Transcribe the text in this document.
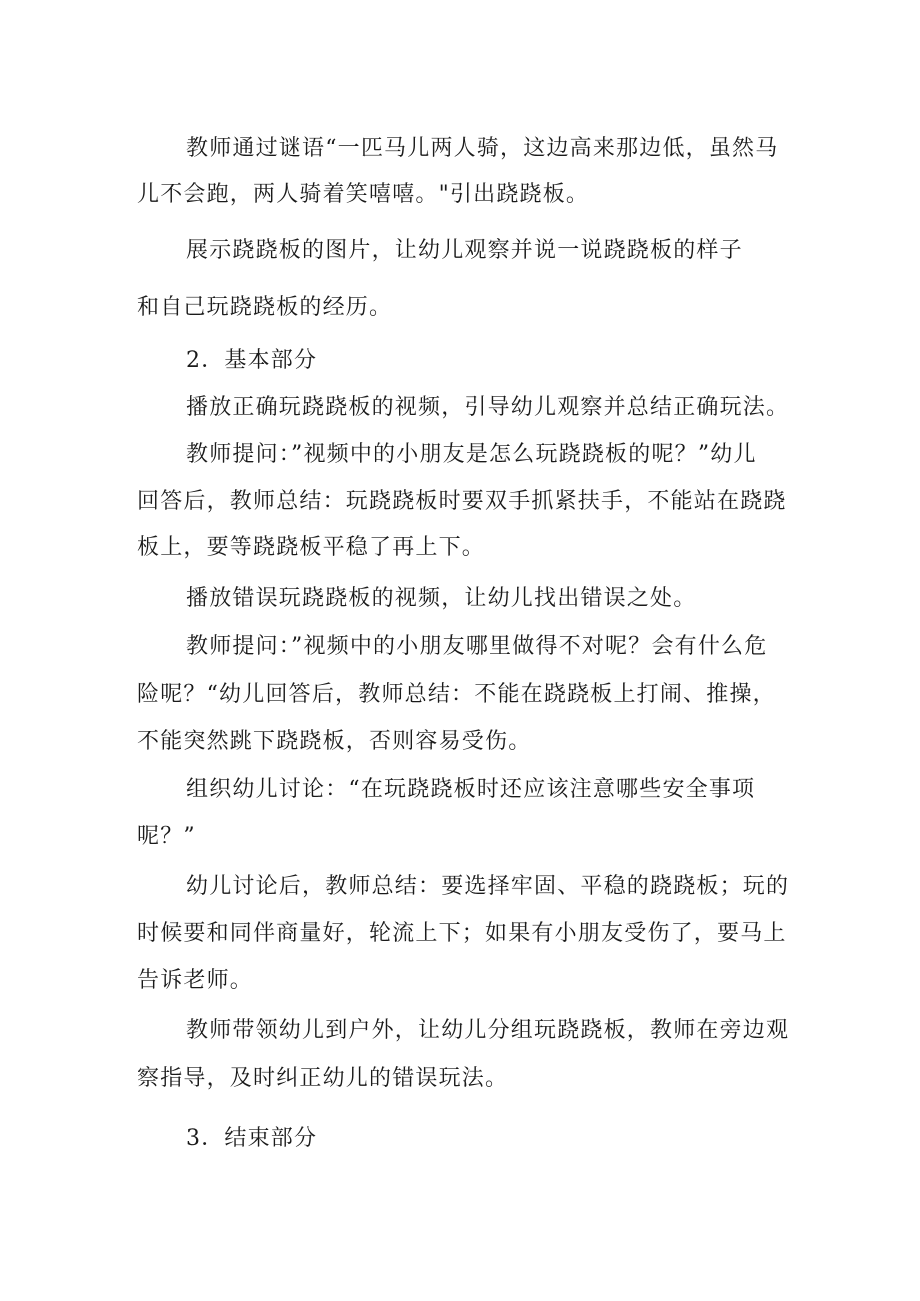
教师通过谜语“一匹马儿两人骑，这边高来那边低，虽然马
儿不会跑，两人骑着笑嘻嘻。"引出跷跷板。
展示跷跷板的图片，让幼儿观察并说一说跷跷板的样子
和自己玩跷跷板的经历。
2．基本部分
播放正确玩跷跷板的视频，引导幼儿观察并总结正确玩法。
教师提问：”视频中的小朋友是怎么玩跷跷板的呢？”幼儿
回答后，教师总结：玩跷跷板时要双手抓紧扶手，不能站在跷跷
板上，要等跷跷板平稳了再上下。
播放错误玩跷跷板的视频，让幼儿找出错误之处。
教师提问：”视频中的小朋友哪里做得不对呢？会有什么危
险呢？“幼儿回答后，教师总结：不能在跷跷板上打闹、推操，
不能突然跳下跷跷板，否则容易受伤。
组织幼儿讨论：“在玩跷跷板时还应该注意哪些安全事项
呢？”
幼儿讨论后，教师总结：要选择牢固、平稳的跷跷板；玩的
时候要和同伴商量好，轮流上下；如果有小朋友受伤了，要马上
告诉老师。
教师带领幼儿到户外，让幼儿分组玩跷跷板，教师在旁边观
察指导，及时纠正幼儿的错误玩法。
3．结束部分
